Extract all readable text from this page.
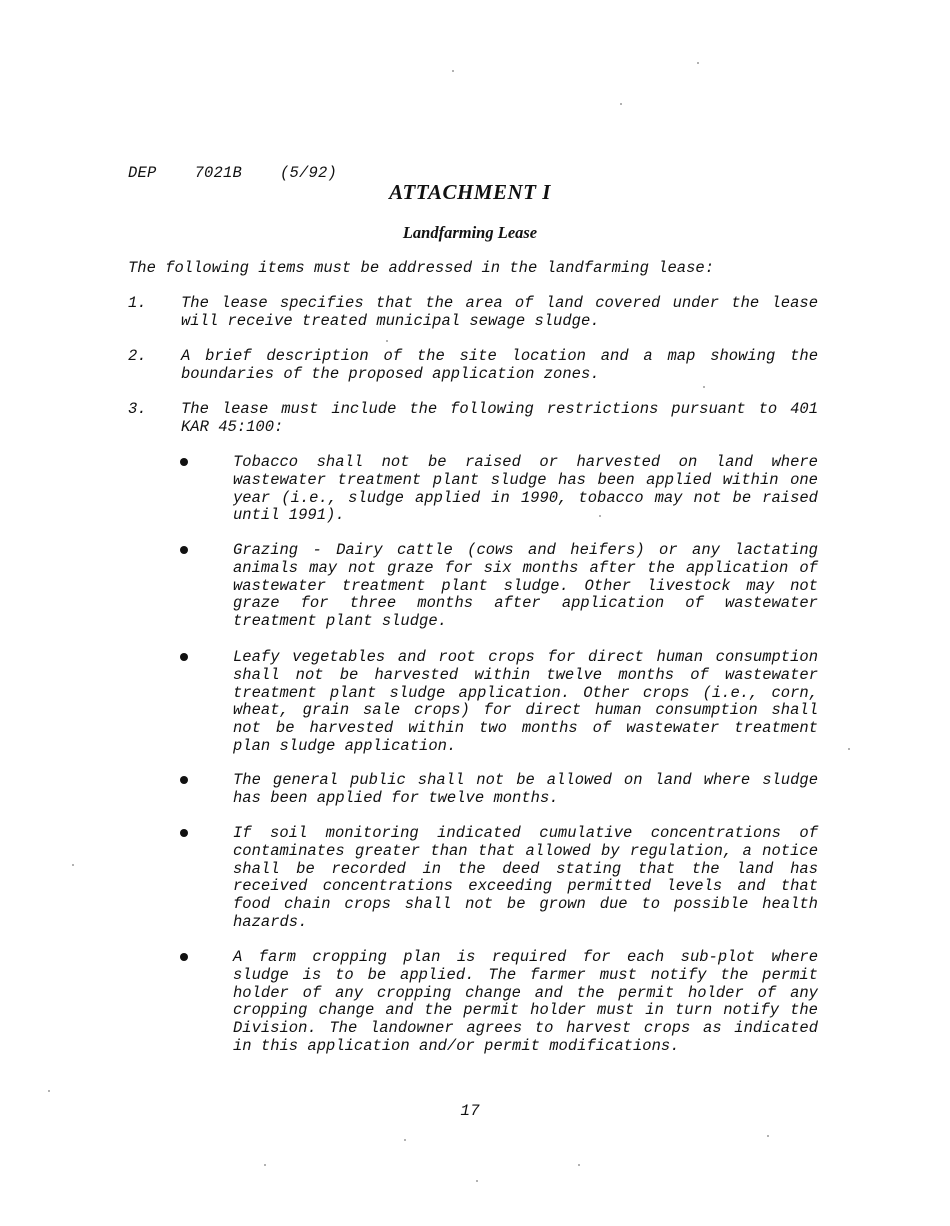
DEP    7021B    (5/92)
ATTACHMENT I
Landfarming Lease
The following items must be addressed in the landfarming lease:
1. The lease specifies that the area of land covered under the lease will receive treated municipal sewage sludge.
2. A brief description of the site location and a map showing the boundaries of the proposed application zones.
3. The lease must include the following restrictions pursuant to 401 KAR 45:100:
Tobacco shall not be raised or harvested on land where wastewater treatment plant sludge has been applied within one year (i.e., sludge applied in 1990, tobacco may not be raised until 1991).
Grazing - Dairy cattle (cows and heifers) or any lactating animals may not graze for six months after the application of wastewater treatment plant sludge. Other livestock may not graze for three months after application of wastewater treatment plant sludge.
Leafy vegetables and root crops for direct human consumption shall not be harvested within twelve months of wastewater treatment plant sludge application. Other crops (i.e., corn, wheat, grain sale crops) for direct human consumption shall not be harvested within two months of wastewater treatment plan sludge application.
The general public shall not be allowed on land where sludge has been applied for twelve months.
If soil monitoring indicated cumulative concentrations of contaminates greater than that allowed by regulation, a notice shall be recorded in the deed stating that the land has received concentrations exceeding permitted levels and that food chain crops shall not be grown due to possible health hazards.
A farm cropping plan is required for each sub-plot where sludge is to be applied. The farmer must notify the permit holder of any cropping change and the permit holder of any cropping change and the permit holder must in turn notify the Division. The landowner agrees to harvest crops as indicated in this application and/or permit modifications.
17
